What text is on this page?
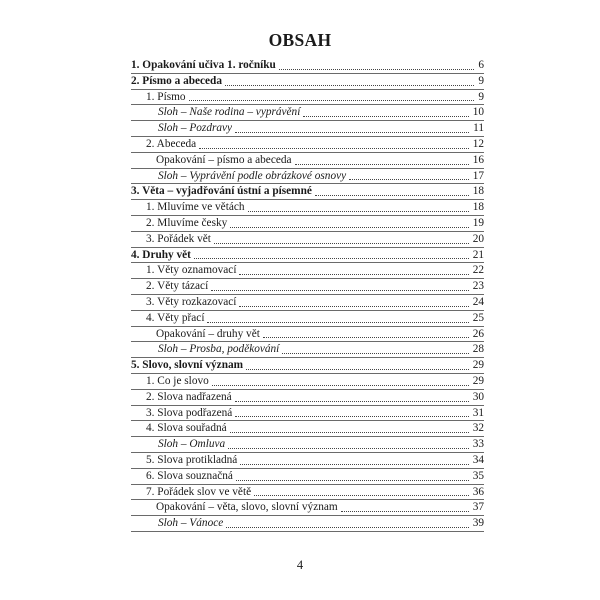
OBSAH
1. Opakování učiva 1. ročníku	6
2. Písmo a abeceda	9
1. Písmo	9
Sloh – Naše rodina – vyprávění	10
Sloh – Pozdravy	11
2. Abeceda	12
Opakování – písmo a abeceda	16
Sloh – Vyprávění podle obrázkové osnovy	17
3. Věta – vyjadřování ústní a písemné	18
1. Mluvíme ve větách	18
2. Mluvíme česky	19
3. Pořádek vět	20
4. Druhy vět	21
1. Věty oznamovací	22
2. Věty tázací	23
3. Věty rozkazovací	24
4. Věty přací	25
Opakování – druhy vět	26
Sloh – Prosba, poděkování	28
5. Slovo, slovní význam	29
1. Co je slovo	29
2. Slova nadřazená	30
3. Slova podřazená	31
4. Slova souřadná	32
Sloh – Omluva	33
5. Slova protikladná	34
6. Slova souznačná	35
7. Pořádek slov ve větě	36
Opakování – věta, slovo, slovní význam	37
Sloh – Vánoce	39
4
